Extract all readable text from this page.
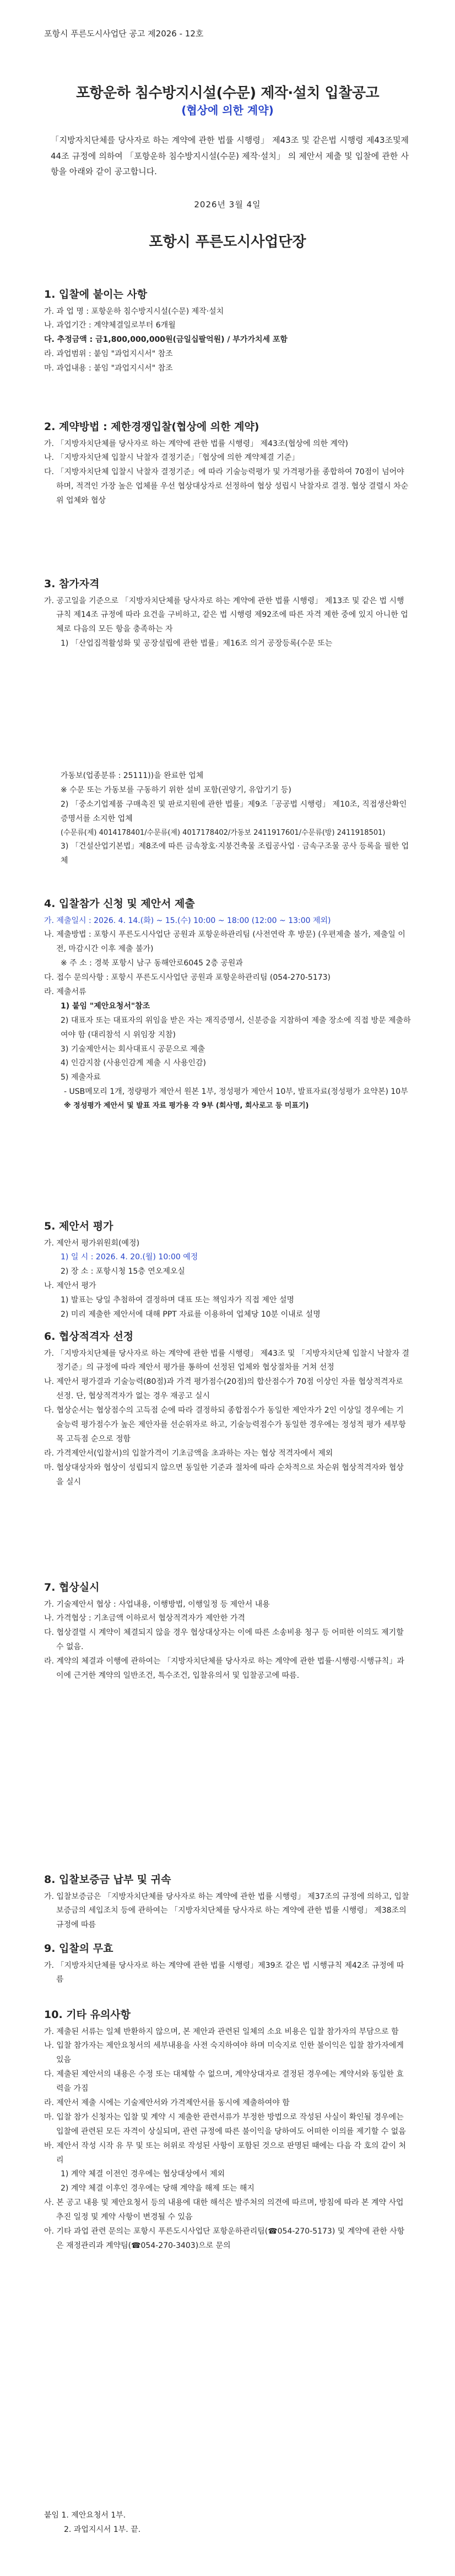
포항시 푸른도시사업단 공고 제2026 - 12호
포항운하 침수방지시설(수문) 제작·설치 입찰공고
(협상에 의한 계약)
「지방자치단체를 당사자로 하는 계약에 관한 법률 시행령」 제43조 및 같은법 시행령 제43조및제44조 규정에 의하여 「포항운하 침수방지시설(수문) 제작·설치」 의 제안서 제출 및 입찰에 관한 사항을 아래와 같이 공고합니다.
2026년 3월 4일
포항시 푸른도시사업단장
1. 입찰에 붙이는 사항
가. 과 업 명 : 포항운하 침수방지시설(수문) 제작·설치
나. 과업기간 : 계약체결일로부터 6개월
다. 추정금액 : 금1,800,000,000원(금일십팔억원) / 부가가치세 포함
라. 과업범위 : 붙임 "과업지시서" 참조
마. 과업내용 : 붙임 "과업지시서" 참조
2. 계약방법 : 제한경쟁입찰(협상에 의한 계약)
가. 「지방자치단체를 당사자로 하는 계약에 관한 법률 시행령」 제43조(협상에 의한 계약)
나. 「지방자치단체 입찰시 낙찰자 결정기준」「협상에 의한 계약체결 기준」
다. 「지방자치단체 입찰시 낙찰자 결정기준」에 따라 기술능력평가 및 가격평가를 종합하여 70점이 넘어야하며, 적격인 가장 높은 업체를 우선 협상대상자로 선정하여 협상 성립시 낙찰자로 결정. 협상 결렬시 차순위 업체와 협상
3. 참가자격
가. 공고일을 기준으로 「지방자치단체를 당사자로 하는 계약에 관한 법률 시행령」 제13조 및 같은 법 시행규칙 제14조 규정에 따라 요건을 구비하고, 같은 법 시행령 제92조에 따른 자격 제한 중에 있지 아니한 업체로 다음의 모든 항을 충족하는 자
1) 「산업집적활성화 및 공장설립에 관한 법률」제16조 의거 공장등록(수문 또는
가동보(업종분류 : 25111))을 완료한 업체
※ 수문 또는 가동보를 구동하기 위한 설비 포함(권양기, 유압기기 등)
2) 「중소기업제품 구매촉진 및 판로지원에 관한 법률」제9조「공공법 시행령」 제10조, 직접생산확인증명서를 소지한 업체
(수문류(제) 4014178401/수문류(제) 4017178402/가동보 2411917601/수문류(방) 2411918501)
3) 「건설산업기본법」제8조에 따른 금속창호·지붕건축물 조립공사업 · 금속구조물 공사 등록을 필한 업체
4. 입찰참가 신청 및 제안서 제출
가. 제출일시 : 2026. 4. 14.(화) ~ 15.(수) 10:00 ~ 18:00 (12:00 ~ 13:00 제외)
나. 제출방법 : 포항시 푸른도시사업단 공원과 포항운하관리팀 (사전연락 후 방문) (우편제출 불가, 제출일 이전, 마감시간 이후 제출 불가)
※ 주 소 : 경북 포항시 남구 동해안로6045 2층 공원과
다. 접수 문의사항 : 포항시 푸른도시사업단 공원과 포항운하관리팀 (054-270-5173)
라. 제출서류
1) 붙임 "제안요청서"참조
2) 대표자 또는 대표자의 위임을 받은 자는 재직증명서, 신분증을 지참하여 제출 장소에 직접 방문 제출하여야 함 (대리참석 시 위임장 지참)
3) 기술제안서는 회사대표시 공문으로 제출
4) 인감지참 (사용인감계 제출 시 사용인감)
5) 제출자료
- USB메모리 1개, 정량평가 제안서 원본 1부, 정성평가 제안서 10부, 발표자료(정성평가 요약본) 10부
※ 정성평가 제안서 및 발표 자료 평가용 각 9부 (회사명, 회사로고 등 미표기)
5. 제안서 평가
가. 제안서 평가위원회(예정)
1) 일 시 : 2026. 4. 20.(월) 10:00 예정
2) 장 소 : 포항시청 15층 연오제오실
나. 제안서 평가
1) 발표는 당일 추첨하여 결정하며 대표 또는 책임자가 직접 제안 설명
2) 미리 제출한 제안서에 대해 PPT 자료를 이용하여 업체당 10분 이내로 설명
6. 협상적격자 선정
가. 「지방자치단체를 당사자로 하는 계약에 관한 법률 시행령」 제43조 및 「지방자치단체 입찰시 낙찰자 결정기준」의 규정에 따라 제안서 평가를 통하여 선정된 업체와 협상절차를 거쳐 선정
나. 제안서 평가결과 기술능력(80점)과 가격 평가점수(20점)의 합산점수가 70점 이상인 자를 협상적격자로 선정. 단, 협상적격자가 없는 경우 재공고 실시
다. 협상순서는 협상점수의 고득점 순에 따라 결정하되 종합점수가 동일한 제안자가 2인 이상일 경우에는 기술능력 평가점수가 높은 제안자를 선순위자로 하고, 기술능력점수가 동일한 경우에는 정성적 평가 세부항목 고득점 순으로 정함
라. 가격제안서(입찰서)의 입찰가격이 기초금액을 초과하는 자는 협상 적격자에서 제외
마. 협상대상자와 협상이 성립되지 않으면 동일한 기준과 절차에 따라 순차적으로 차순위 협상적격자와 협상을 실시
7. 협상실시
가. 기술제안서 협상 : 사업내용, 이행방법, 이행일정 등 제안서 내용
나. 가격협상 : 기초금액 이하로서 협상적격자가 제안한 가격
다. 협상결렬 시 계약이 체결되지 않을 경우 협상대상자는 이에 따른 소송비용 청구 등 어떠한 이의도 제기할 수 없음.
라. 계약의 체결과 이행에 관하여는 「지방자치단체를 당사자로 하는 계약에 관한 법률·시행령·시행규칙」과 이에 근거한 계약의 일반조건, 특수조건, 입찰유의서 및 입찰공고에 따름.
8. 입찰보증금 납부 및 귀속
가. 입찰보증금은 「지방자치단체를 당사자로 하는 계약에 관한 법률 시행령」 제37조의 규정에 의하고, 입찰보증금의 세입조치 등에 관하여는 「지방자치단체를 당사자로 하는 계약에 관한 법률 시행령」 제38조의 규정에 따름
9. 입찰의 무효
가. 「지방자치단체를 당사자로 하는 계약에 관한 법률 시행령」제39조 같은 법 시행규칙 제42조 규정에 따름
10. 기타 유의사항
가. 제출된 서류는 일체 반환하지 않으며, 본 제안과 관련된 일체의 소요 비용은 입찰 참가자의 부담으로 함
나. 입찰 참가자는 제안요청서의 세부내용을 사전 숙지하여야 하며 미숙지로 인한 불이익은 입찰 참가자에게 있음
다. 제출된 제안서의 내용은 수정 또는 대체할 수 없으며, 계약상대자로 결정된 경우에는 계약서와 동일한 효력을 가짐
라. 제안서 제출 시에는 기술제안서와 가격제안서를 동시에 제출하여야 함
마. 입찰 참가 신청자는 입찰 및 계약 시 제출한 관련서류가 부정한 방법으로 작성된 사실이 확인될 경우에는 입찰에 관련된 모든 자격이 상실되며, 관련 규정에 따른 불이익을 당하여도 어떠한 이의를 제기할 수 없음
바. 제안서 작성 시작 유 무 및 또는 허위로 작성된 사항이 포함된 것으로 판명된 때에는 다음 각 호의 같이 처리
1) 계약 체결 이전인 경우에는 협상대상에서 제외
2) 계약 체결 이후인 경우에는 당해 계약을 해제 또는 해지
사. 본 공고 내용 및 제안요청서 등의 내용에 대한 해석은 발주처의 의견에 따르며, 방침에 따라 본 계약 사업 추진 일정 및 계약 사항이 변경될 수 있음
아. 기타 과업 관련 문의는 포항시 푸른도시사업단 포항운하관리팀(☎054-270-5173) 및 계약에 관한 사항은 재정관리과 계약팀(☎054-270-3403)으로 문의
붙임 1. 제안요청서 1부.
2. 과업지시서 1부. 끝.
